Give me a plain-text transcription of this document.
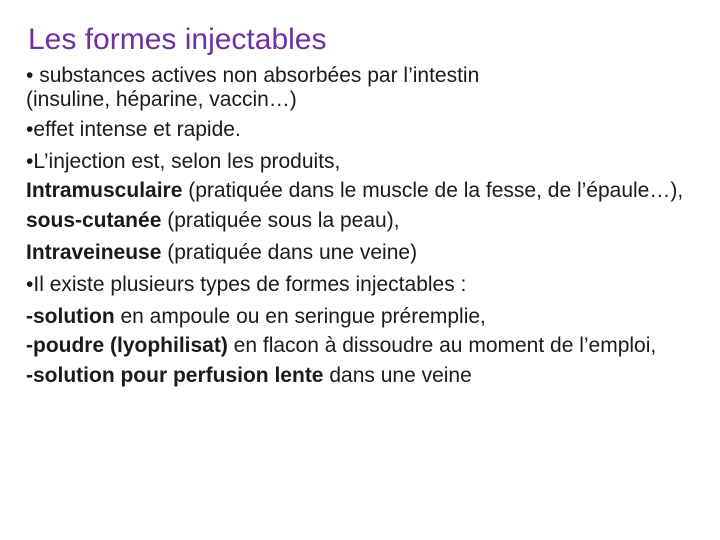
Les formes injectables

• substances actives non absorbées par l’intestin
(insuline, héparine, vaccin…)

•effet intense et rapide.

•L’injection est, selon les produits,

Intramusculaire (pratiquée dans le muscle de la fesse, de l’épaule…),

sous-cutanée (pratiquée sous la peau),

Intraveineuse (pratiquée dans une veine)

•Il existe plusieurs types de formes injectables :

-solution en ampoule ou en seringue préremplie,

-poudre (lyophilisat) en flacon à dissoudre au moment de l’emploi,

-solution pour perfusion lente dans une veine
